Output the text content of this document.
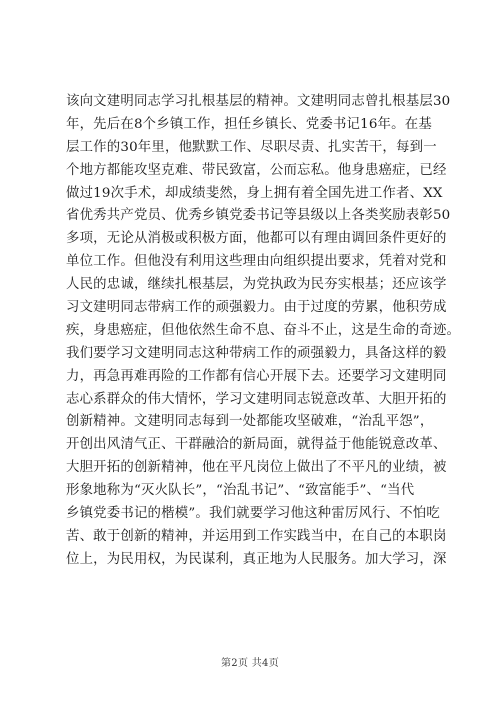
该向文建明同志学习扎根基层的精神。文建明同志曾扎根基层30
年，先后在8个乡镇工作，担任乡镇长、党委书记16年。在基
层工作的30年里，他默默工作、尽职尽责、扎实苦干，每到一
个地方都能攻坚克难、带民致富，公而忘私。他身患癌症，已经
做过19次手术，却成绩斐然，身上拥有着全国先进工作者、XX
省优秀共产党员、优秀乡镇党委书记等县级以上各类奖励表彰50
多项，无论从消极或积极方面，他都可以有理由调回条件更好的
单位工作。但他没有利用这些理由向组织提出要求，凭着对党和
人民的忠诚，继续扎根基层，为党执政为民夯实根基；还应该学
习文建明同志带病工作的顽强毅力。由于过度的劳累，他积劳成
疾，身患癌症，但他依然生命不息、奋斗不止，这是生命的奇迹。
我们要学习文建明同志这种带病工作的顽强毅力，具备这样的毅
力，再急再难再险的工作都有信心开展下去。还要学习文建明同
志心系群众的伟大情怀，学习文建明同志锐意改革、大胆开拓的
创新精神。文建明同志每到一处都能攻坚破难，“治乱平怨”，
开创出风清气正、干群融洽的新局面，就得益于他能锐意改革、
大胆开拓的创新精神，他在平凡岗位上做出了不平凡的业绩，被
形象地称为“灭火队长”，“治乱书记”、“致富能手”、“当代
乡镇党委书记的楷模”。我们就要学习他这种雷厉风行、不怕吃
苦、敢于创新的精神，并运用到工作实践当中，在自己的本职岗
位上，为民用权，为民谋利，真正地为人民服务。加大学习，深
第2页 共4页
